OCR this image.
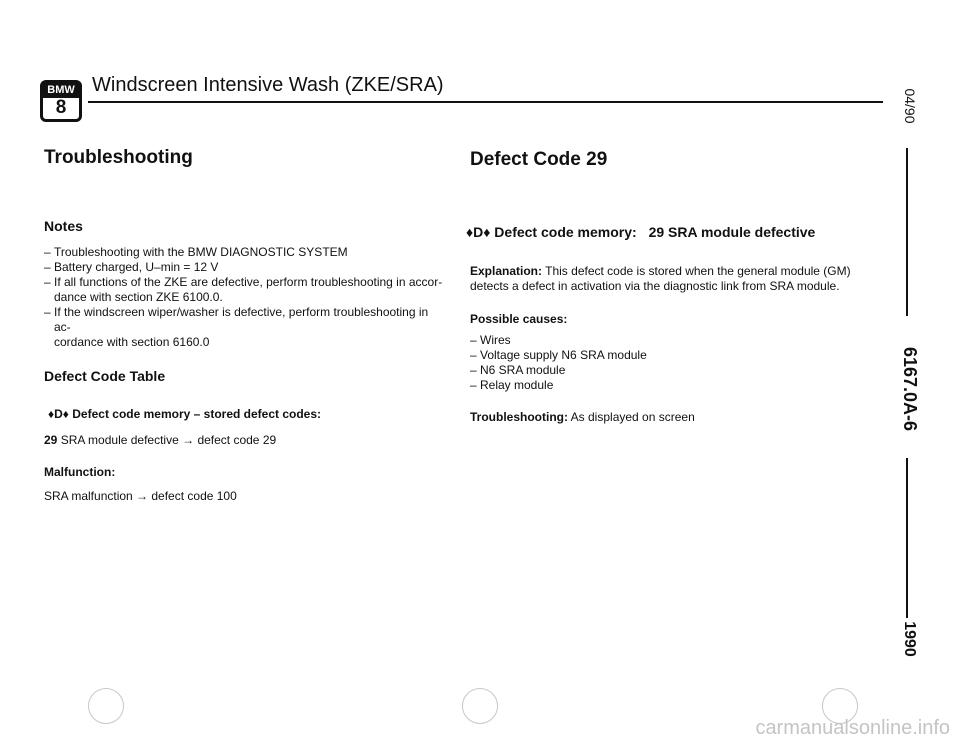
BMW
8
Windscreen Intensive Wash (ZKE/SRA)
Troubleshooting
Notes
– Troubleshooting with the BMW DIAGNOSTIC SYSTEM
– Battery charged, U–min = 12 V
– If all functions of the ZKE are defective, perform troubleshooting in accor-
dance with section ZKE 6100.0.
– If the windscreen wiper/washer is defective, perform troubleshooting in ac-
cordance with section 6160.0
Defect Code Table
♦D♦ Defect code memory – stored defect codes:
29 SRA module defective → defect code 29
Malfunction:
SRA malfunction → defect code 100
Defect Code 29
♦D♦ Defect code memory: 29 SRA module defective
Explanation: This defect code is stored when the general module (GM)
detects a defect in activation via the diagnostic link from SRA module.
Possible causes:
– Wires
– Voltage supply N6 SRA module
– N6 SRA module
– Relay module
Troubleshooting: As displayed on screen
04/90
6167.0A-6
1990
carmanualsonline.info
